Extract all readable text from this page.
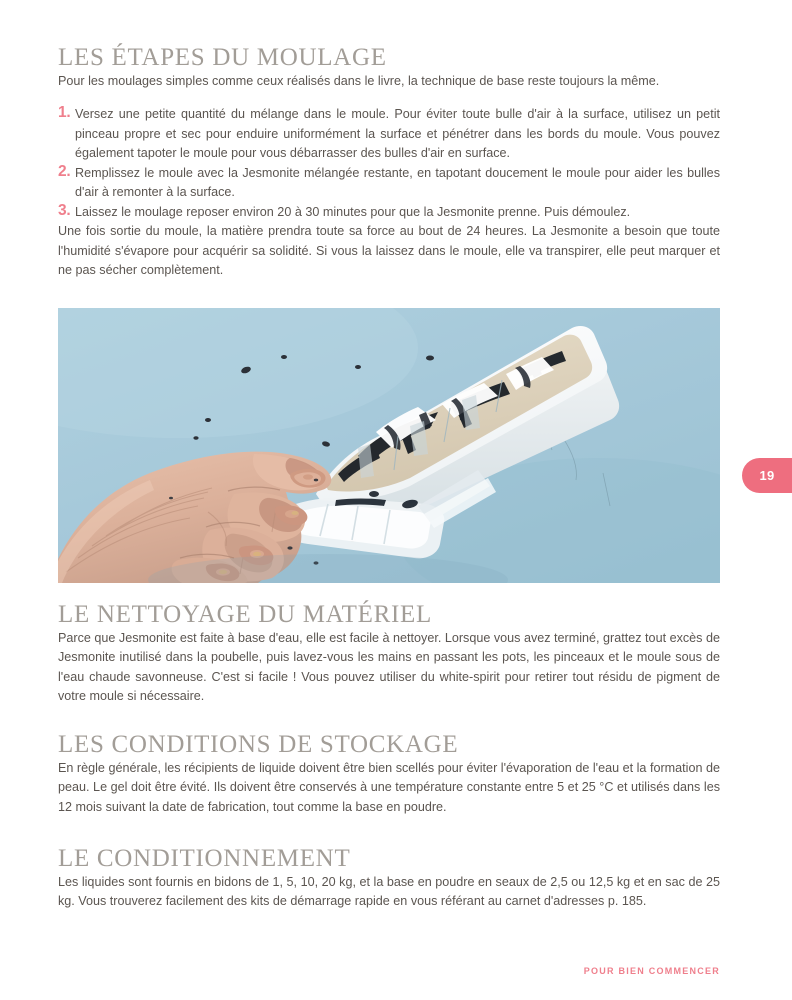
LES ÉTAPES DU MOULAGE

Pour les moulages simples comme ceux réalisés dans le livre, la technique de base reste toujours la même.

1. Versez une petite quantité du mélange dans le moule. Pour éviter toute bulle d'air à la surface, utilisez un petit pinceau propre et sec pour enduire uniformément la surface et pénétrer dans les bords du moule. Vous pouvez également tapoter le moule pour vous débarrasser des bulles d'air en surface.

2. Remplissez le moule avec la Jesmonite mélangée restante, en tapotant doucement le moule pour aider les bulles d'air à remonter à la surface.

3. Laissez le moulage reposer environ 20 à 30 minutes pour que la Jesmonite prenne. Puis démoulez.

Une fois sortie du moule, la matière prendra toute sa force au bout de 24 heures. La Jesmonite a besoin que toute l'humidité s'évapore pour acquérir sa solidité. Si vous la laissez dans le moule, elle va transpirer, elle peut marquer et ne pas sécher complètement.

LE NETTOYAGE DU MATÉRIEL

Parce que Jesmonite est faite à base d'eau, elle est facile à nettoyer. Lorsque vous avez terminé, grattez tout excès de Jesmonite inutilisé dans la poubelle, puis lavez-vous les mains en passant les pots, les pinceaux et le moule sous de l'eau chaude savonneuse. C'est si facile ! Vous pouvez utiliser du white-spirit pour retirer tout résidu de pigment de votre moule si nécessaire.

LES CONDITIONS DE STOCKAGE

En règle générale, les récipients de liquide doivent être bien scellés pour éviter l'évaporation de l'eau et la formation de peau. Le gel doit être évité. Ils doivent être conservés à une température constante entre 5 et 25 °C et utilisés dans les 12 mois suivant la date de fabrication, tout comme la base en poudre.

LE CONDITIONNEMENT

Les liquides sont fournis en bidons de 1, 5, 10, 20 kg, et la base en poudre en seaux de 2,5 ou 12,5 kg et en sac de 25 kg. Vous trouverez facilement des kits de démarrage rapide en vous référant au carnet d'adresses p. 185.

19
POUR BIEN COMMENCER
